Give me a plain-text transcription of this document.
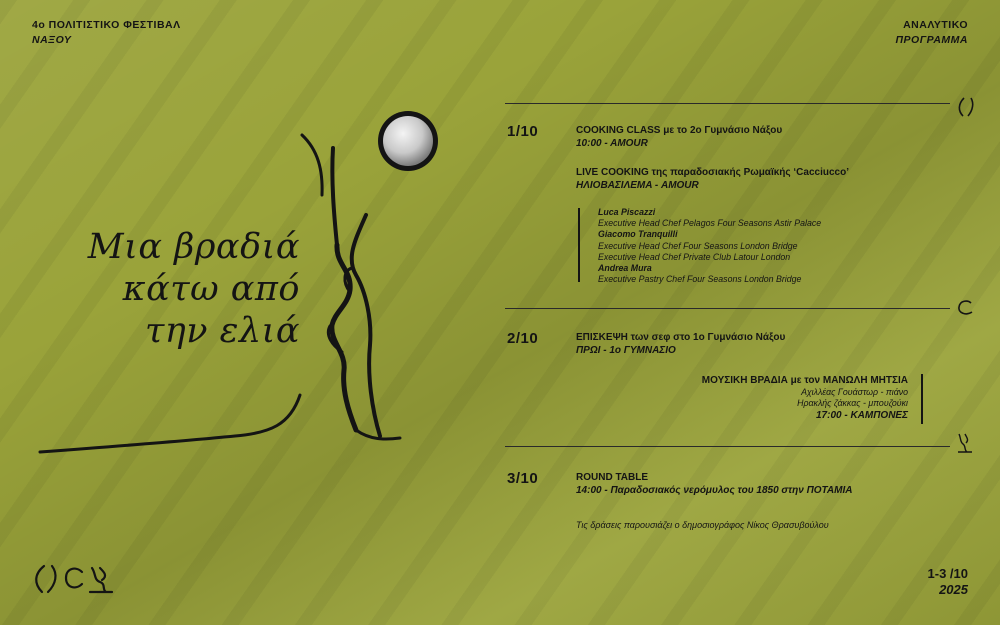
4ο ΠΟΛΙΤΙΣΤΙΚΟ ΦΕΣΤΙΒΑΛ
ΝΑΞΟΥ
ΑΝΑΛΥΤΙΚΟ
ΠΡΟΓΡΑΜΜΑ
Μια βραδιά
κάτω από
την ελιά
1/10	COOKING CLASS με το 2ο Γυμνάσιο Νάξου
10:00 - AMOUR
LIVE COOKING της παραδοσιακής Ρωμαϊκής ‘Cacciucco’
ΗΛΙΟΒΑΣΙΛΕΜΑ - AMOUR
Luca Piscazzi
Executive Head Chef Pelagos Four Seasons Astir Palace
Giacomo Tranquilli
Executive Head Chef Four Seasons London Bridge
Executive Head Chef Private Club Latour London
Andrea Mura
Executive Pastry Chef Four Seasons London Bridge
2/10	ΕΠΙΣΚΕΨΗ των σεφ στο 1ο Γυμνάσιο Νάξου
ΠΡΩΙ - 1ο ΓΥΜΝΑΣΙΟ
ΜΟΥΣΙΚΗ ΒΡΑΔΙΑ με τον ΜΑΝΩΛΗ ΜΗΤΣΙΑ
Αχιλλέας Γουάστωρ - πιάνο
Ηρακλής ζάκκας - μπουζούκι
17:00 - ΚΑΜΠΟΝΕΣ
3/10	ROUND TABLE
14:00 - Παραδοσιακός νερόμυλος του 1850 στην ΠΟΤΑΜΙΑ
Τις δράσεις παρουσιάζει ο δημοσιογράφος Νίκος Θρασυβούλου
1-3 /10
2025
